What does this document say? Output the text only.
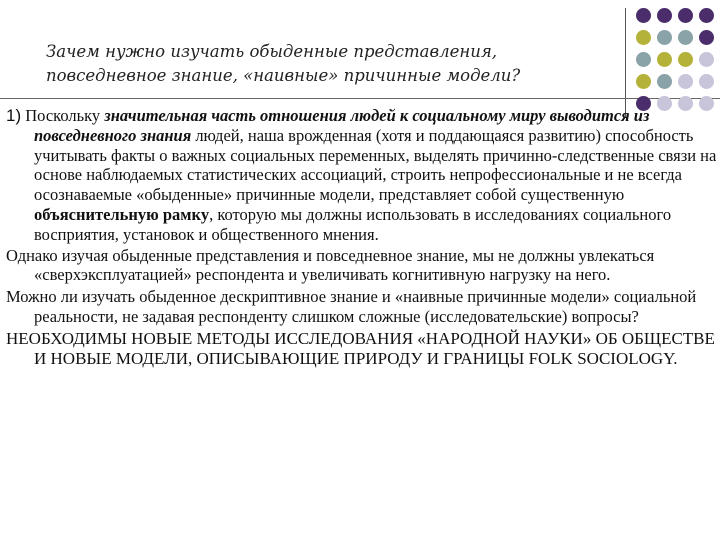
Зачем нужно изучать обыденные представления, повседневное знание, «наивные» причинные модели?

1) Поскольку значительная часть отношения людей к социальному миру выводится из повседневного знания людей, наша врожденная (хотя и поддающаяся развитию) способность учитывать факты о важных социальных переменных, выделять причинно-следственные связи на основе наблюдаемых статистических ассоциаций, строить непрофессиональные и не всегда осознаваемые «обыденные» причинные модели, представляет собой существенную объяснительную рамку, которую мы должны использовать в исследованиях социального восприятия, установок и общественного мнения.

Однако изучая обыденные представления и повседневное знание, мы не должны увлекаться «сверхэксплуатацией» респондента и увеличивать когнитивную нагрузку на него.

Можно ли изучать обыденное дескриптивное знание и «наивные причинные модели» социальной реальности, не задавая респонденту слишком сложные (исследовательские) вопросы?

НЕОБХОДИМЫ НОВЫЕ МЕТОДЫ ИССЛЕДОВАНИЯ «НАРОДНОЙ НАУКИ» ОБ ОБЩЕСТВЕ И НОВЫЕ МОДЕЛИ, ОПИСЫВАЮЩИЕ ПРИРОДУ И ГРАНИЦЫ FOLK SOCIOLOGY.
